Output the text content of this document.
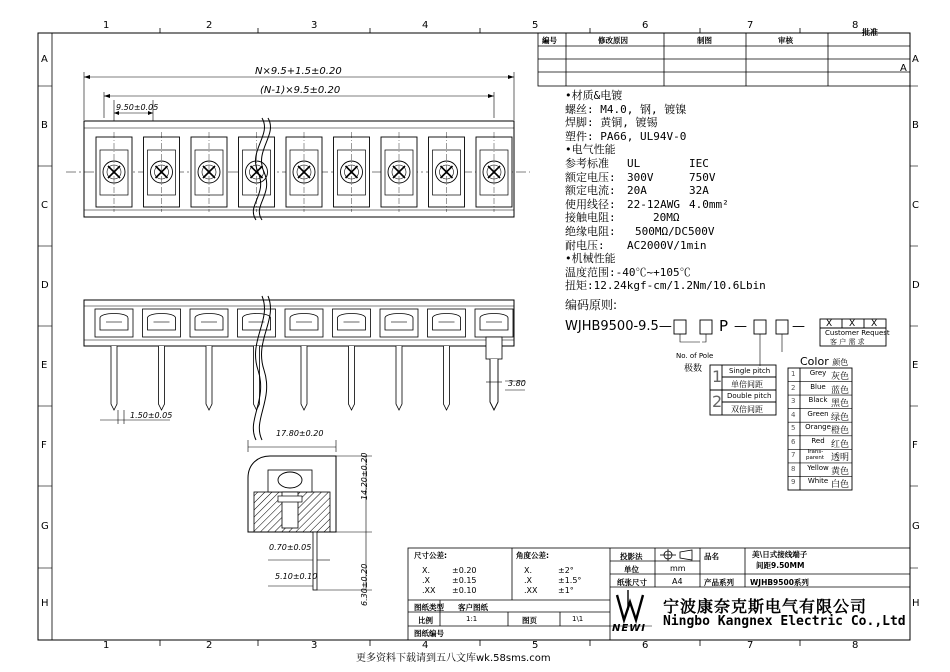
1
1
2
2
3
3
4
4
5
5
6
6
7
7
8
8
A	A
B	B
C	C
D	D
E	E
F	F
G	G
H	H
編号	修改原因	制图	审核
批准
A
N×9.5+1.5±0.20
(N-1)×9.5±0.20
9.50±0.05
1.50±0.05
3.80
17.80±0.20
14.20±0.20
0.70±0.05
5.10±0.10	6.30±0.20
•材质&电镀
螺丝: M4.0, 钢, 镀镍
焊脚: 黄铜, 镀锡
塑件: PA66, UL94V-0
•电气性能
参考标准 UL	IEC
额定电压: 300V	750V
额定电流: 20A	32A
使用线径: 22-12AWG 4.0mm²
接触电阻:	20MΩ
绝缘电阻: 500MΩ/DC500V
耐电压: AC2000V/1min
•机械性能
温度范围:-40℃~+105℃
扭矩:12.24kgf-cm/1.2Nm/10.6Lbin
编码原则:
WJHB9500-9.5—	P —	— X X X
Customer Request
客 户 需 求
No. of Pole
极数 1 Single pitch
单倍间距
2 Double pitch
双倍间距
Color 颜色
1	Grey 灰色
2	Blue 蓝色
3	Black 黑色
4	Green 绿色
5 Orange 橙色
6	Red 红色
7	Trans-parent 透明
8	Yellow 黄色
9	White 白色
尺寸公差:	角度公差:
X.	±0.20	X.	±2°
.X	±0.15	.X	±1.5°
.XX ±0.10	.XX	±1°
图纸类型 客户图纸
比例	1:1	图页	1\1
图纸编号
投影法	品名	美\日式接线端子
间距9.50MM
单位	mm
纸张尺寸	A4	产品系列 WJHB9500系列
NEWI
宁波康奈克斯电气有限公司
Ningbo Kangnex Electric Co.,Ltd
更多资料下载请到五八文库wk.58sms.com
